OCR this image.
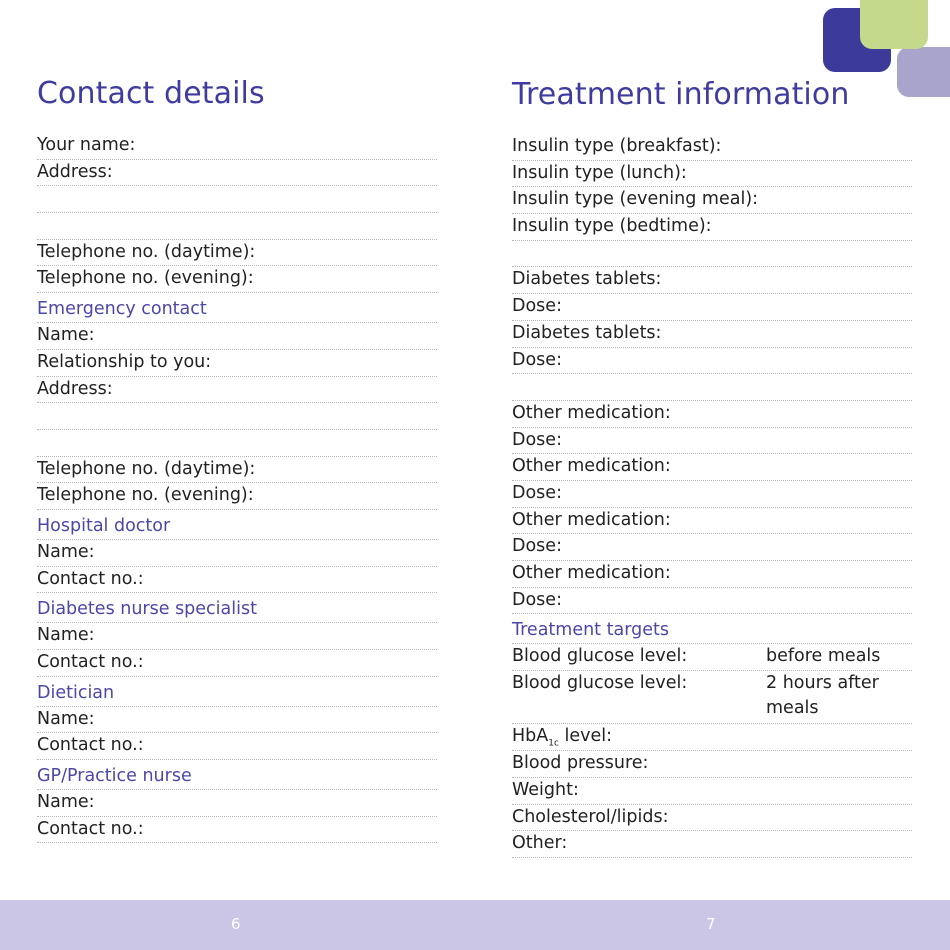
Contact details
Your name:
Address:
Telephone no. (daytime):
Telephone no. (evening):
Emergency contact
Name:
Relationship to you:
Address:
Telephone no. (daytime):
Telephone no. (evening):
Hospital doctor
Name:
Contact no.:
Diabetes nurse specialist
Name:
Contact no.:
Dietician
Name:
Contact no.:
GP/Practice nurse
Name:
Contact no.:
Treatment information
Insulin type (breakfast):
Insulin type (lunch):
Insulin type (evening meal):
Insulin type (bedtime):
Diabetes tablets:
Dose:
Diabetes tablets:
Dose:
Other medication:
Dose:
Other medication:
Dose:
Other medication:
Dose:
Other medication:
Dose:
Treatment targets
Blood glucose level:	before meals
Blood glucose level:	2 hours after meals
HbA$_{1c}$ level:
Blood pressure:
Weight:
Cholesterol/lipids:
Other:
6	7
